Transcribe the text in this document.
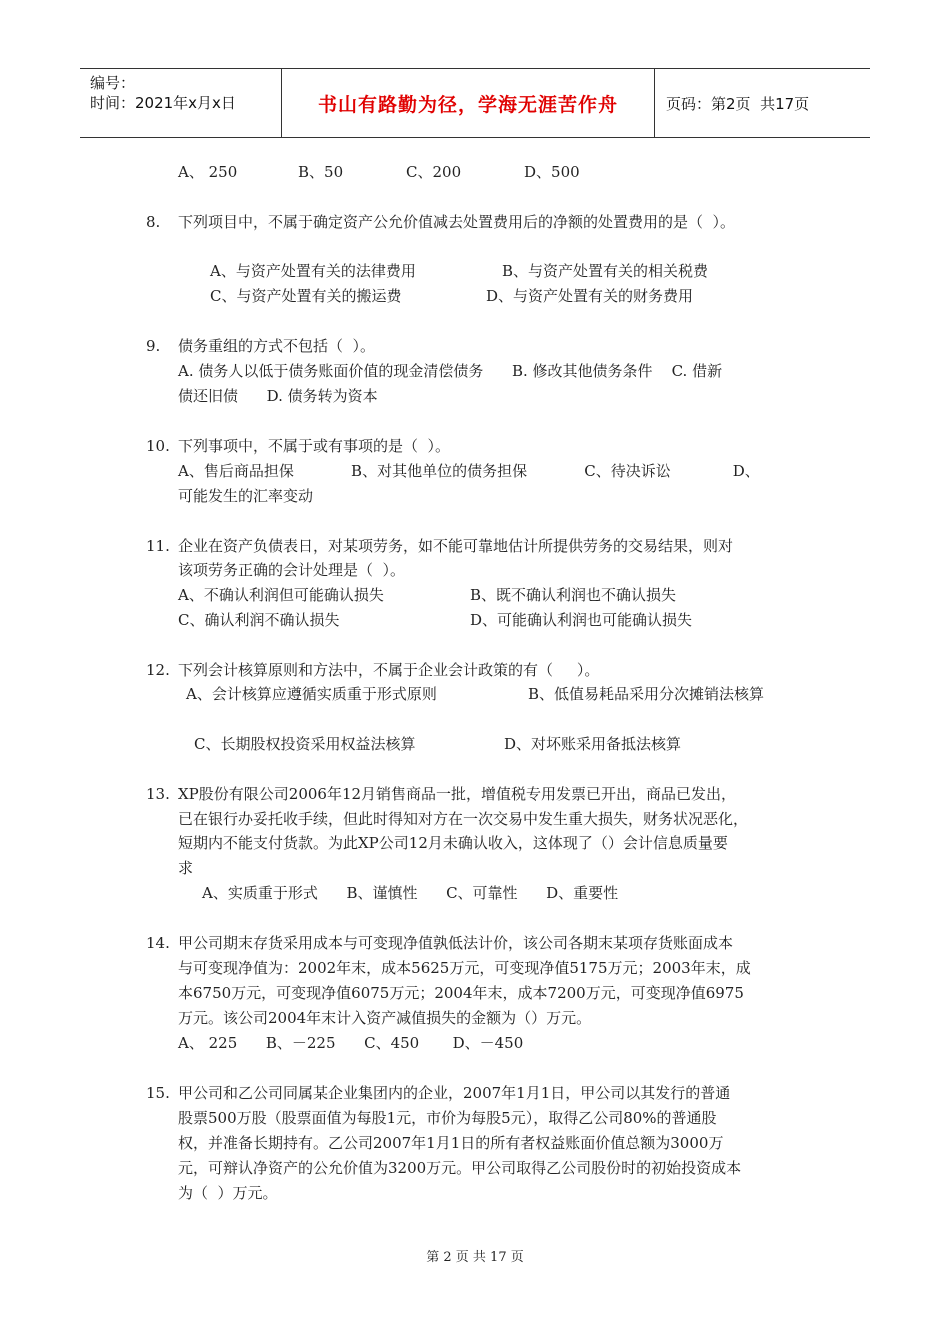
编号：
时间：2021年x月x日	书山有路勤为径，学海无涯苦作舟	页码：第2页  共17页
A、 250	B、50	C、200	D、500
8. 下列项目中，不属于确定资产公允价值减去处置费用后的净额的处置费用的是（  ）。
A、与资产处置有关的法律费用	B、与资产处置有关的相关税费
C、与资产处置有关的搬运费	D、与资产处置有关的财务费用
9. 债务重组的方式不包括（  ）。
A. 债务人以低于债务账面价值的现金清偿债务      B. 修改其他债务条件    C. 借新
债还旧债      D. 债务转为资本
10. 下列事项中，不属于或有事项的是（  ）。
A、售后商品担保            B、对其他单位的债务担保            C、待决诉讼             D、
可能发生的汇率变动
11. 企业在资产负债表日，对某项劳务，如不能可靠地估计所提供劳务的交易结果，则对
该项劳务正确的会计处理是（  ）。
A、不确认利润但可能确认损失	B、既不确认利润也不确认损失
C、确认利润不确认损失	D、可能确认利润也可能确认损失
12. 下列会计核算原则和方法中，不属于企业会计政策的有（     ）。
A、会计核算应遵循实质重于形式原则	B、低值易耗品采用分次摊销法核算
C、长期股权投资采用权益法核算	D、对坏账采用备抵法核算
13. XP股份有限公司2006年12月销售商品一批，增值税专用发票已开出，商品已发出，
已在银行办妥托收手续，但此时得知对方在一次交易中发生重大损失，财务状况恶化，
短期内不能支付货款。为此XP公司12月未确认收入，这体现了（）会计信息质量要
求
A、实质重于形式      B、谨慎性      C、可靠性      D、重要性
14. 甲公司期末存货采用成本与可变现净值孰低法计价，该公司各期末某项存货账面成本
与可变现净值为：2002年末，成本5625万元，可变现净值5175万元；2003年末，成
本6750万元，可变现净值6075万元；2004年末，成本7200万元，可变现净值6975
万元。该公司2004年末计入资产减值损失的金额为（）万元。
A、 225      B、－225      C、450       D、－450
15. 甲公司和乙公司同属某企业集团内的企业，2007年1月1日，甲公司以其发行的普通
股票500万股（股票面值为每股1元，市价为每股5元），取得乙公司80%的普通股
权，并准备长期持有。乙公司2007年1月1日的所有者权益账面价值总额为3000万
元，可辩认净资产的公允价值为3200万元。甲公司取得乙公司股份时的初始投资成本
为（  ）万元。
第 2 页 共 17 页
